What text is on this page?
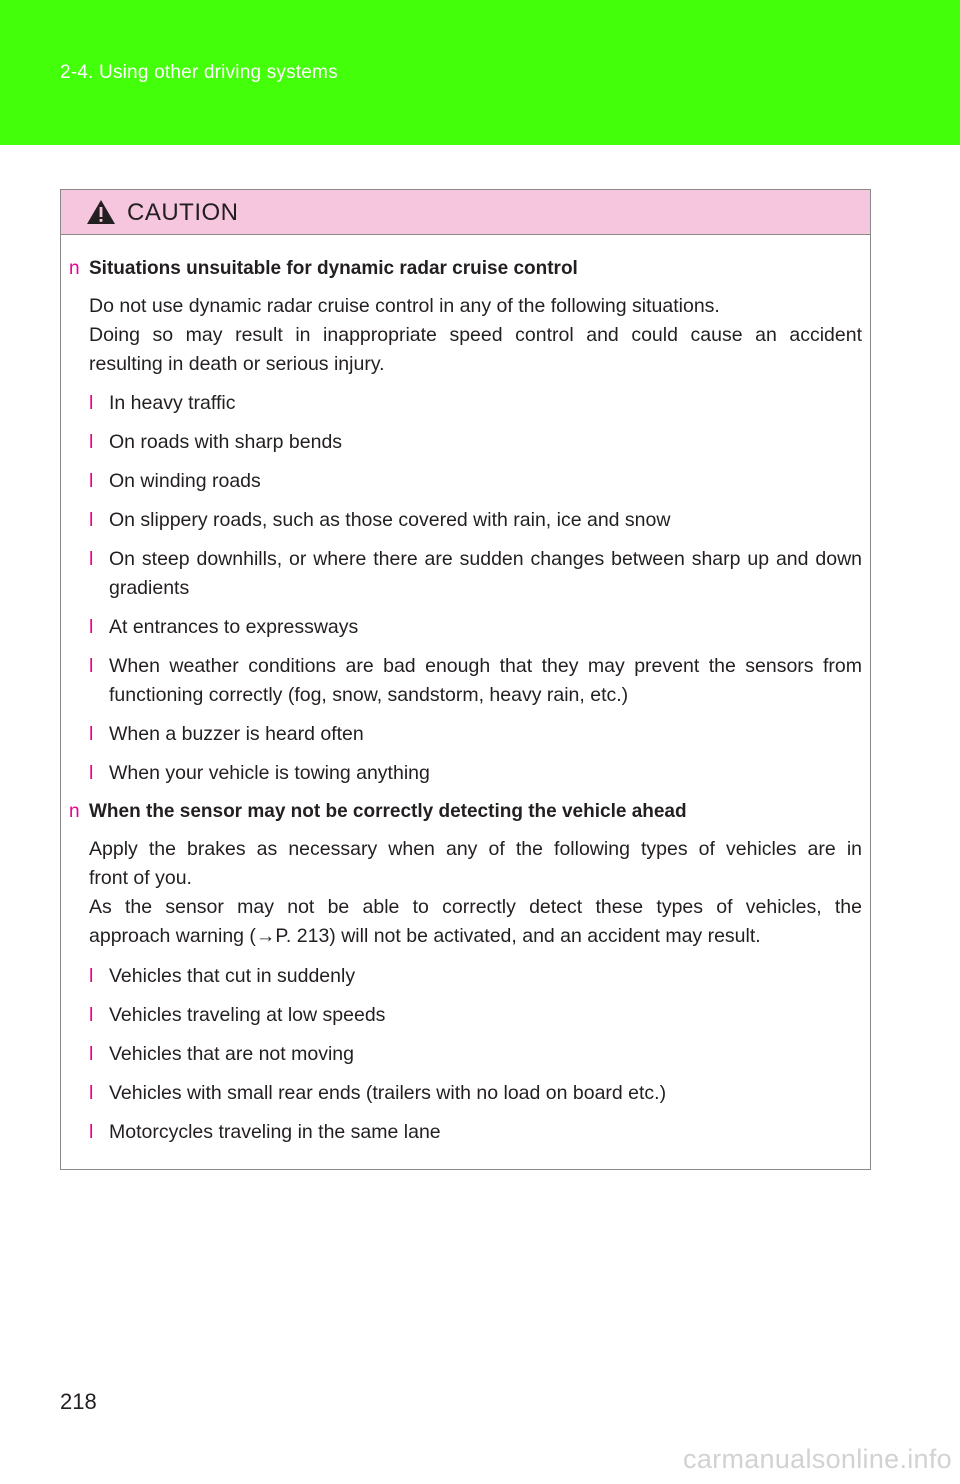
2-4. Using other driving systems
CAUTION
n Situations unsuitable for dynamic radar cruise control
Do not use dynamic radar cruise control in any of the following situations.
Doing so may result in inappropriate speed control and could cause an accident
resulting in death or serious injury.
l In heavy traffic
l On roads with sharp bends
l On winding roads
l On slippery roads, such as those covered with rain, ice and snow
l On steep downhills, or where there are sudden changes between sharp up and down gradients
l At entrances to expressways
l When weather conditions are bad enough that they may prevent the sensors from functioning correctly (fog, snow, sandstorm, heavy rain, etc.)
l When a buzzer is heard often
l When your vehicle is towing anything
n When the sensor may not be correctly detecting the vehicle ahead
Apply the brakes as necessary when any of the following types of vehicles are in
front of you.
As the sensor may not be able to correctly detect these types of vehicles, the
approach warning (→P. 213) will not be activated, and an accident may result.
l Vehicles that cut in suddenly
l Vehicles traveling at low speeds
l Vehicles that are not moving
l Vehicles with small rear ends (trailers with no load on board etc.)
l Motorcycles traveling in the same lane
218
carmanualsonline.info
